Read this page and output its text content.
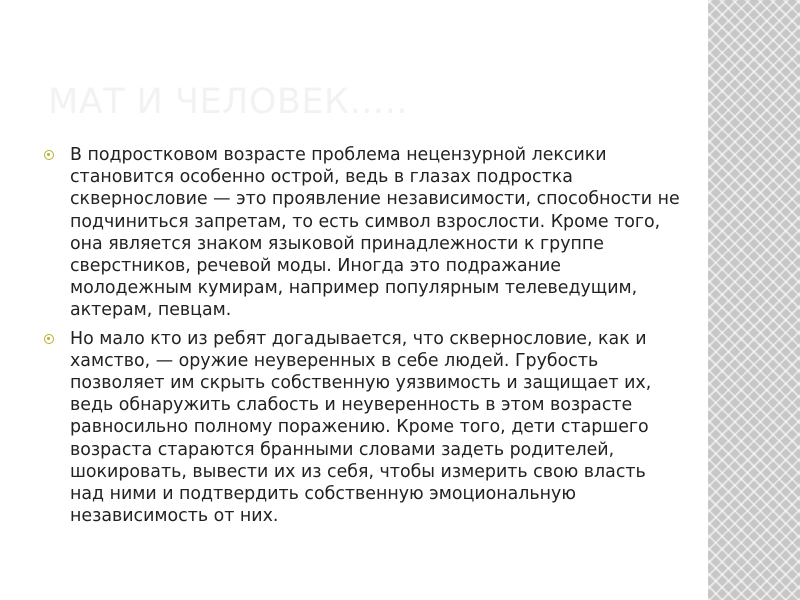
МАТ И ЧЕЛОВЕК…..
В подростковом возрасте проблема нецензурной лексики становится особенно острой, ведь в глазах подростка сквернословие — это проявление независимости, способности не подчиниться запретам, то есть символ взрослости. Кроме того, она является знаком языковой принадлежности к группе сверстников, речевой моды. Иногда это подражание молодежным кумирам, например популярным телеведущим, актерам, певцам.
Но мало кто из ребят догадывается, что сквернословие, как и хамство, — оружие неуверенных в себе людей. Грубость позволяет им скрыть собственную уязвимость и защищает их, ведь обнаружить слабость и неуверенность в этом возрасте равносильно полному поражению. Кроме того, дети старшего возраста стараются бранными словами задеть родителей, шокировать, вывести их из себя, чтобы измерить свою власть над ними и подтвердить собственную эмоциональную независимость от них.
